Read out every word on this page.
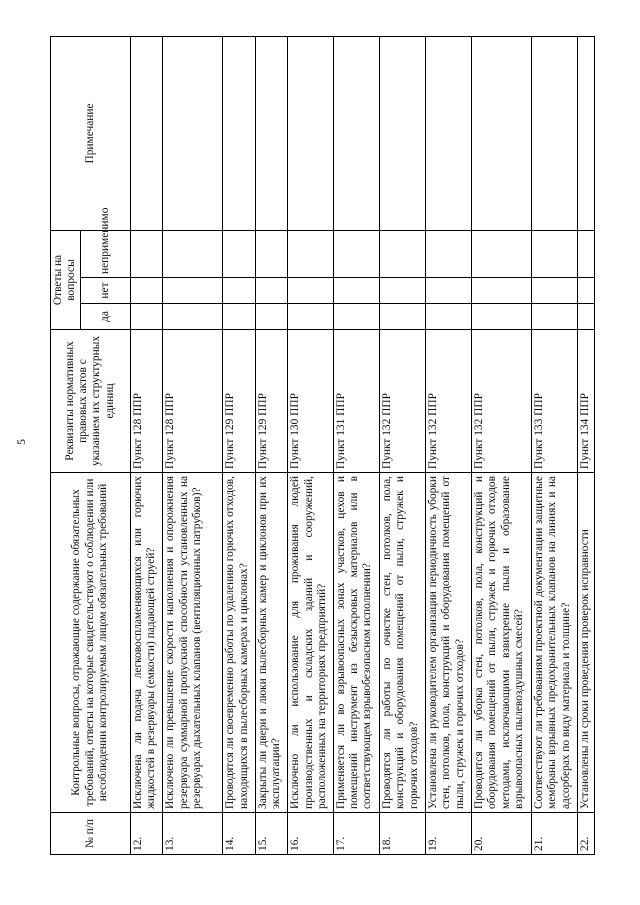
5
№ п/п	Контрольные вопросы, отражающие содержание обязательных требований, ответы на которые свидетельствуют о соблюдении или несоблюдении контролируемым лицом обязательных требований	Реквизиты нормативных правовых актов с указанием их структурных единиц	Ответы на вопросы			Примечание
			да	нет	неприменимо	
12.	Исключена ли подача легковоспламеняющихся или горючих жидкостей в резервуары (емкости) падающей струей?	Пункт 128 ППР				
13.	Исключено ли превышение скорости наполнения и опорожнения резервуара суммарной пропускной способности установленных на резервуарах дыхательных клапанов (вентиляционных патрубков)?	Пункт 128 ППР				
14.	Проводятся ли своевременно работы по удалению горючих отходов, находящихся в пылесборных камерах и циклонах?	Пункт 129 ППР				
15.	Закрыты ли двери и люки пылесборных камер и циклонов при их эксплуатации?	Пункт 129 ППР				
16.	Исключено ли использование для проживания людей производственных и складских зданий и сооружений, расположенных на территориях предприятий?	Пункт 130 ППР				
17.	Применяется ли во взрывоопасных зонах участков, цехов и помещений инструмент из безыскровых материалов или в соответствующем взрывобезопасном исполнении?	Пункт 131 ППР				
18.	Проводятся ли работы по очистке стен, потолков, пола, конструкций и оборудования помещений от пыли, стружек и горючих отходов?	Пункт 132 ППР				
19.	Установлена ли руководителем организации периодичность уборки стен, потолков, пола, конструкций и оборудования помещений от пыли, стружек и горючих отходов?	Пункт 132 ППР				
20.	Проводится ли уборка стен, потолков, пола, конструкций и оборудования помещений от пыли, стружек и горючих отходов методами, исключающими взвихрение пыли и образование взрывоопасных пылевоздушных смесей?	Пункт 132 ППР				
21.	Соответствуют ли требованиям проектной документации защитные мембраны взрывных предохранительных клапанов на линиях и на адсорберах по виду материала и толщине?	Пункт 133 ППР				
22.	Установлены ли сроки проведения проверок исправности	Пункт 134 ППР				
